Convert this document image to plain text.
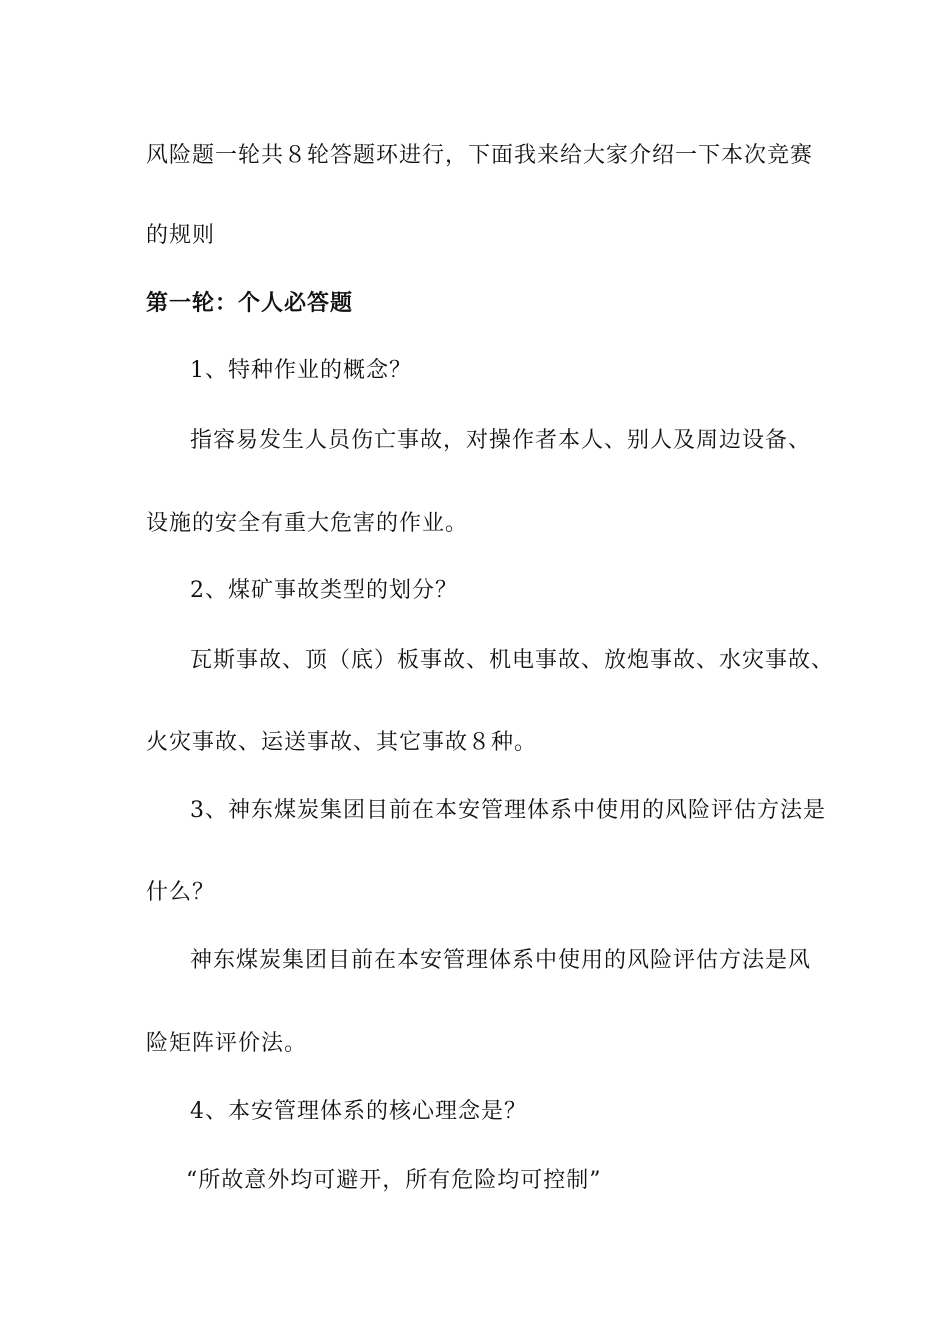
风险题一轮共８轮答题环进行，下面我来给大家介绍一下本次竞赛
的规则
第一轮：个人必答题
1、特种作业的概念？
指容易发生人员伤亡事故，对操作者本人、别人及周边设备、
设施的安全有重大危害的作业。
2、煤矿事故类型的划分？
瓦斯事故、顶（底）板事故、机电事故、放炮事故、水灾事故、
火灾事故、运送事故、其它事故８种。
3、神东煤炭集团目前在本安管理体系中使用的风险评估方法是
什么？
神东煤炭集团目前在本安管理体系中使用的风险评估方法是风
险矩阵评价法。
4、本安管理体系的核心理念是？
“所故意外均可避开，所有危险均可控制”
